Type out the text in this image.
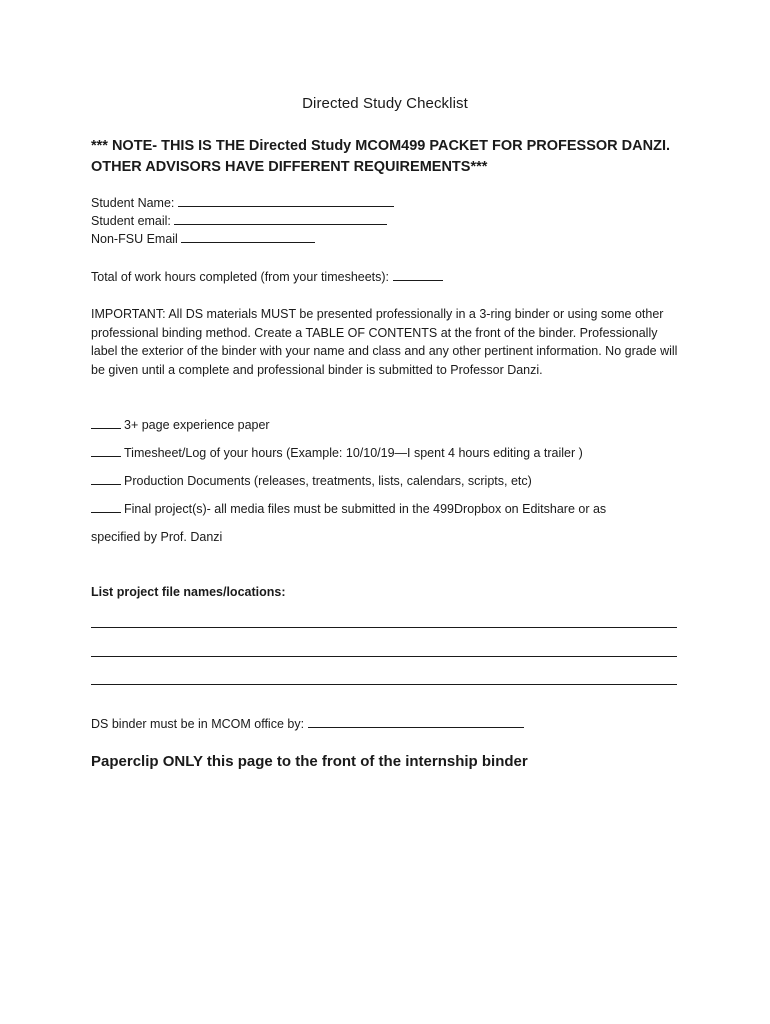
Directed Study Checklist
*** NOTE- THIS IS THE Directed Study MCOM499 PACKET FOR PROFESSOR DANZI. OTHER ADVISORS HAVE DIFFERENT REQUIREMENTS***
Student Name:
Student email:
Non-FSU Email
Total of work hours completed (from your timesheets):
IMPORTANT: All DS materials MUST be presented professionally in a 3-ring binder or using some other professional binding method. Create a TABLE OF CONTENTS at the front of the binder. Professionally label the exterior of the binder with your name and class and any other pertinent information. No grade will be given until a complete and professional binder is submitted to Professor Danzi.
3+ page experience paper
Timesheet/Log of your hours (Example: 10/10/19—I spent 4 hours editing a trailer )
Production Documents (releases, treatments, lists, calendars, scripts, etc)
Final project(s)- all media files must be submitted in the 499Dropbox on Editshare or as
specified by Prof. Danzi
List project file names/locations:
DS binder must be in MCOM office by:
Paperclip ONLY this page to the front of the internship binder
